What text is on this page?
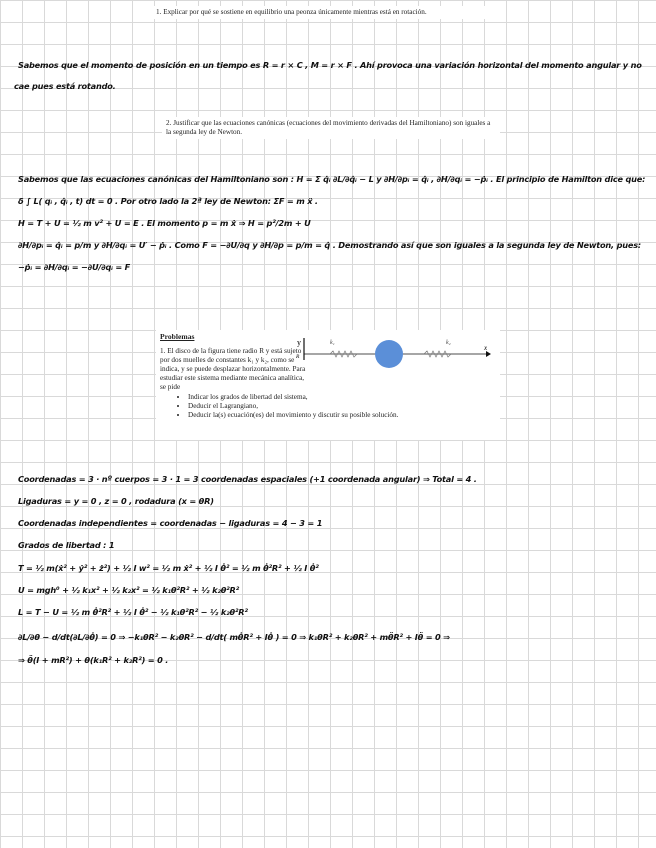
1. Explicar por qué se sostiene en equilibrio una peonza únicamente mientras está en rotación.
Sabemos que el momento de posición en un tiempo es R = r × C , M = r × F . Ahí provoca una variación horizontal del momento angular y no
cae pues está rotando.
2. Justificar que las ecuaciones canónicas (ecuaciones del movimiento derivadas del Hamiltoniano) son iguales a la segunda ley de Newton.
Sabemos que las ecuaciones canónicas del Hamiltoniano son : H = Σ q̇ᵢ ∂L/∂q̇ᵢ − L y ∂H/∂pᵢ = q̇ᵢ , ∂H/∂qᵢ = −ṗᵢ . El principio de Hamilton dice que:
δ ∫ L( qᵢ , q̇ᵢ , t) dt = 0 . Por otro lado la 2ª ley de Newton: ΣF = m ẍ .
H = T + U = ½ m v² + U = E . El momento p = m ẋ ⇒ H = p²/2m + U
∂H/∂pᵢ = q̇ᵢ = p/m y ∂H/∂qᵢ = U′ − ṗᵢ . Como F = −∂U/∂q y ∂H/∂p = p/m = q̇ . Demostrando así que son iguales a la segunda ley de Newton, pues:
−ṗᵢ = ∂H/∂qᵢ = −∂U/∂qᵢ = F
Problemas
1. El disco de la figura tiene radio R y está sujeto por dos muelles de constantes k₁ y k₂, como se indica, y se puede desplazar horizontalmente. Para estudiar este sistema mediante mecánica analítica, se pide
• Indicar los grados de libertad del sistema,
• Deducir el Lagrangiano,
• Deducir la(s) ecuación(es) del movimiento y discutir su posible solución.
y
R
x
k₁	k₂
Coordenadas = 3 · nº cuerpos = 3 · 1 = 3 coordenadas espaciales (+1 coordenada angular) ⇒ Total = 4 .
Ligaduras = y = 0 , z = 0 , rodadura (x = θR)
Coordenadas independientes = coordenadas − ligaduras = 4 − 3 = 1
Grados de libertad : 1
T = ½ m(ẋ² + ẏ² + ż²) + ½ I w² = ½ m ẋ² + ½ I θ̇² = ½ m θ̇²R² + ½ I θ̇²
U = mgh⁰ + ½ k₁x² + ½ k₂x² = ½ k₁θ²R² + ½ k₂θ²R²
L = T − U = ½ m θ̇²R² + ½ I θ̇² − ½ k₁θ²R² − ½ k₂θ²R²
∂L/∂θ − d/dt(∂L/∂θ̇) = 0 ⇒ −k₁θR² − k₂θR² − d/dt( mθ̇R² + Iθ̇ ) = 0 ⇒ k₁θR² + k₂θR² + mθ̈R² + Iθ̈ = 0 ⇒
⇒ θ̈(I + mR²) + θ(k₁R² + k₂R²) = 0 .
